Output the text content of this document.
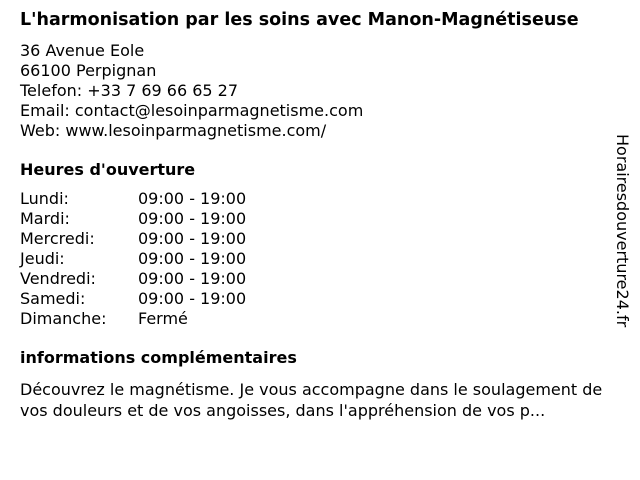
L'harmonisation par les soins avec Manon-Magnétiseuse
36 Avenue Eole
66100 Perpignan
Telefon: +33 7 69 66 65 27
Email: contact@lesoinparmagnetisme.com
Web: www.lesoinparmagnetisme.com/
Heures d'ouverture
Lundi:	09:00 - 19:00
Mardi:	09:00 - 19:00
Mercredi:	09:00 - 19:00
Jeudi:	09:00 - 19:00
Vendredi:	09:00 - 19:00
Samedi:	09:00 - 19:00
Dimanche:	Fermé
informations complémentaires
Découvrez le magnétisme. Je vous accompagne dans le soulagement de vos douleurs et de vos angoisses, dans l'appréhension de vos p...
Horairesdouverture24.fr
